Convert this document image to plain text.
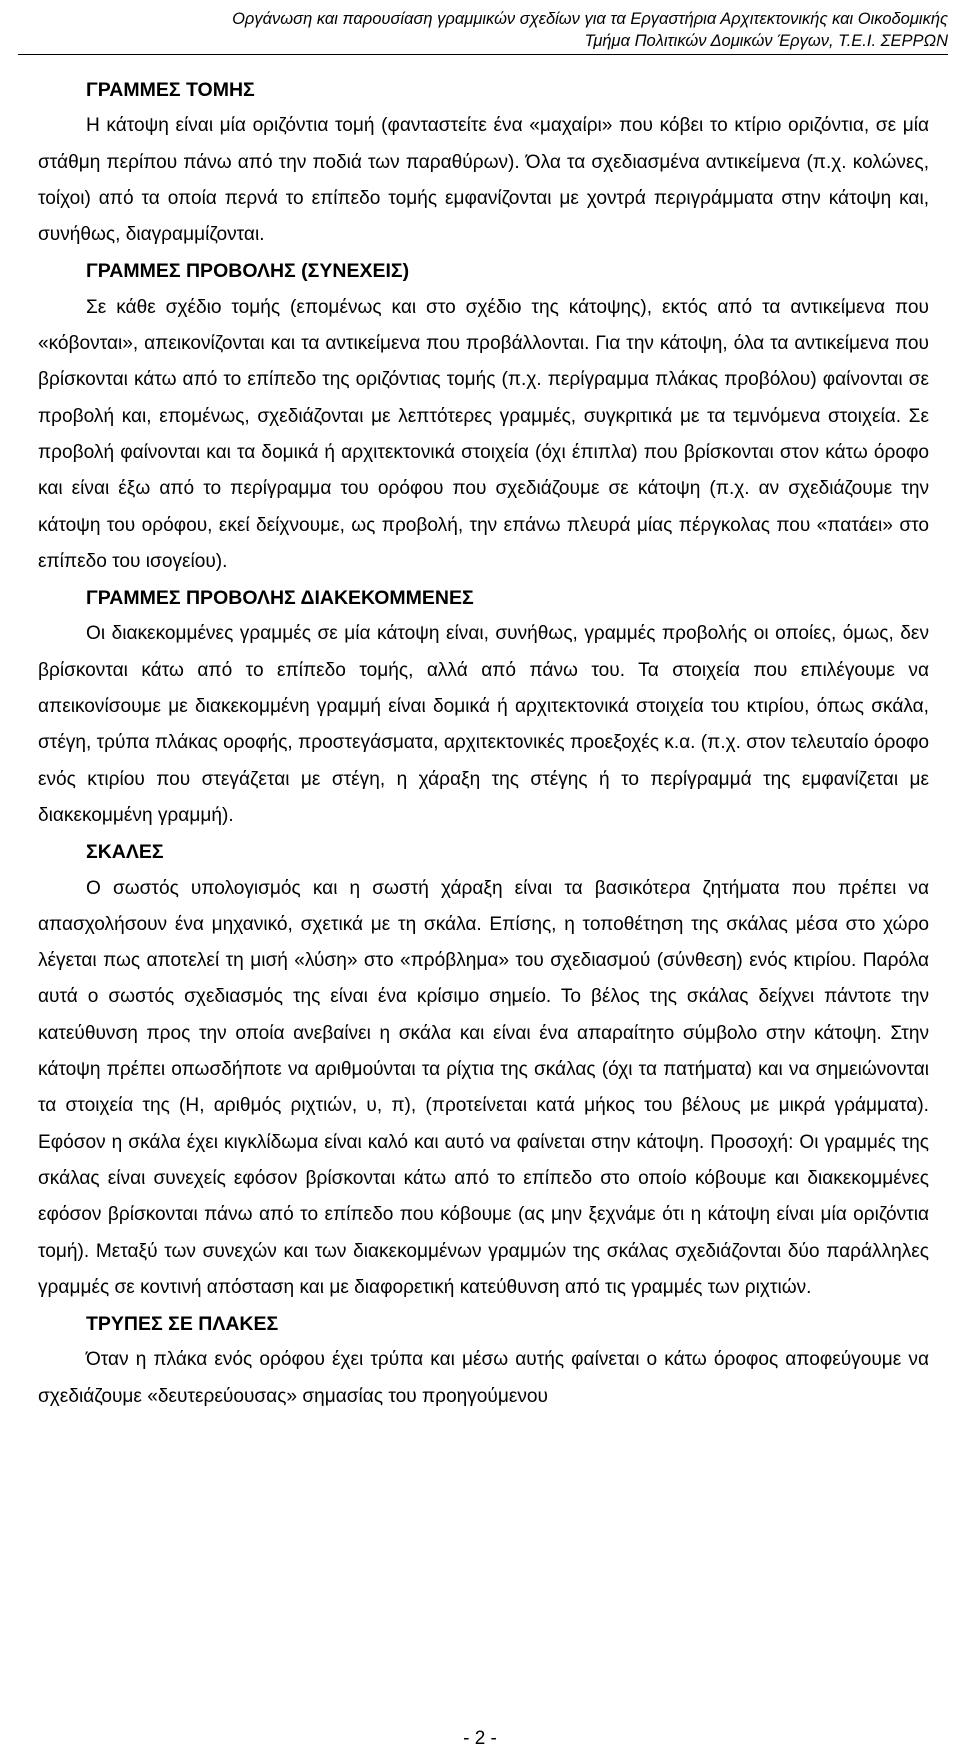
Οργάνωση και παρουσίαση γραμμικών σχεδίων για τα Εργαστήρια Αρχιτεκτονικής και Οικοδομικής
Τμήμα Πολιτικών Δομικών Έργων, Τ.Ε.Ι. ΣΕΡΡΩΝ
ΓΡΑΜΜΕΣ ΤΟΜΗΣ

Η κάτοψη είναι μία οριζόντια τομή (φανταστείτε ένα «μαχαίρι» που κόβει το κτίριο οριζόντια, σε μία στάθμη περίπου πάνω από την ποδιά των παραθύρων). Όλα τα σχεδιασμένα αντικείμενα (π.χ. κολώνες, τοίχοι) από τα οποία περνά το επίπεδο τομής εμφανίζονται με χοντρά περιγράμματα στην κάτοψη και, συνήθως, διαγραμμίζονται.

ΓΡΑΜΜΕΣ ΠΡΟΒΟΛΗΣ (ΣΥΝΕΧΕΙΣ)

Σε κάθε σχέδιο τομής (επομένως και στο σχέδιο της κάτοψης), εκτός από τα αντικείμενα που «κόβονται», απεικονίζονται και τα αντικείμενα που προβάλλονται. Για την κάτοψη, όλα τα αντικείμενα που βρίσκονται κάτω από το επίπεδο της οριζόντιας τομής (π.χ. περίγραμμα πλάκας προβόλου) φαίνονται σε προβολή και, επομένως, σχεδιάζονται με λεπτότερες γραμμές, συγκριτικά με τα τεμνόμενα στοιχεία. Σε προβολή φαίνονται και τα δομικά ή αρχιτεκτονικά στοιχεία (όχι έπιπλα) που βρίσκονται στον κάτω όροφο και είναι έξω από το περίγραμμα του ορόφου που σχεδιάζουμε σε κάτοψη (π.χ. αν σχεδιάζουμε την κάτοψη του ορόφου, εκεί δείχνουμε, ως προβολή, την επάνω πλευρά μίας πέργκολας που «πατάει» στο επίπεδο του ισογείου).

ΓΡΑΜΜΕΣ ΠΡΟΒΟΛΗΣ ΔΙΑΚΕΚΟΜΜΕΝΕΣ

Οι διακεκομμένες γραμμές σε μία κάτοψη είναι, συνήθως, γραμμές προβολής οι οποίες, όμως, δεν βρίσκονται κάτω από το επίπεδο τομής, αλλά από πάνω του. Τα στοιχεία που επιλέγουμε να απεικονίσουμε με διακεκομμένη γραμμή είναι δομικά ή αρχιτεκτονικά στοιχεία του κτιρίου, όπως σκάλα, στέγη, τρύπα πλάκας οροφής, προστεγάσματα, αρχιτεκτονικές προεξοχές κ.α. (π.χ. στον τελευταίο όροφο ενός κτιρίου που στεγάζεται με στέγη, η χάραξη της στέγης ή το περίγραμμά της εμφανίζεται με διακεκομμένη γραμμή).

ΣΚΑΛΕΣ

Ο σωστός υπολογισμός και η σωστή χάραξη είναι τα βασικότερα ζητήματα που πρέπει να απασχολήσουν ένα μηχανικό, σχετικά με τη σκάλα. Επίσης, η τοποθέτηση της σκάλας μέσα στο χώρο λέγεται πως αποτελεί τη μισή «λύση» στο «πρόβλημα» του σχεδιασμού (σύνθεση) ενός κτιρίου. Παρόλα αυτά ο σωστός σχεδιασμός της είναι ένα κρίσιμο σημείο. Το βέλος της σκάλας δείχνει πάντοτε την κατεύθυνση προς την οποία ανεβαίνει η σκάλα και είναι ένα απαραίτητο σύμβολο στην κάτοψη. Στην κάτοψη πρέπει οπωσδήποτε να αριθμούνται τα ρίχτια της σκάλας (όχι τα πατήματα) και να σημειώνονται τα στοιχεία της (Η, αριθμός ριχτιών, υ, π), (προτείνεται κατά μήκος του βέλους με μικρά γράμματα). Εφόσον η σκάλα έχει κιγκλίδωμα είναι καλό και αυτό να φαίνεται στην κάτοψη. Προσοχή: Οι γραμμές της σκάλας είναι συνεχείς εφόσον βρίσκονται κάτω από το επίπεδο στο οποίο κόβουμε και διακεκομμένες εφόσον βρίσκονται πάνω από το επίπεδο που κόβουμε (ας μην ξεχνάμε ότι η κάτοψη είναι μία οριζόντια τομή). Μεταξύ των συνεχών και των διακεκομμένων γραμμών της σκάλας σχεδιάζονται δύο παράλληλες γραμμές σε κοντινή απόσταση και με διαφορετική κατεύθυνση από τις γραμμές των ριχτιών.

ΤΡΥΠΕΣ ΣΕ ΠΛΑΚΕΣ

Όταν η πλάκα ενός ορόφου έχει τρύπα και μέσω αυτής φαίνεται ο κάτω όροφος αποφεύγουμε να σχεδιάζουμε «δευτερεύουσας» σημασίας του προηγούμενου

- 2 -
